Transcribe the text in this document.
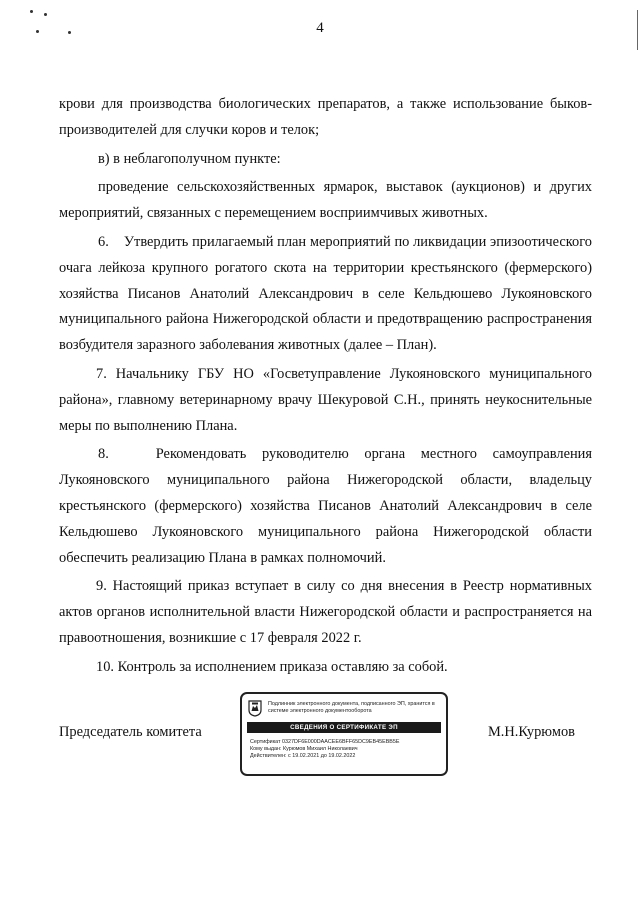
4

крови для производства биологических препаратов, а также использование быков-производителей для случки коров и телок;

в) в неблагополучном пункте:

проведение сельскохозяйственных ярмарок, выставок (аукционов) и других мероприятий, связанных с перемещением восприимчивых животных.

6.    Утвердить прилагаемый план мероприятий по ликвидации эпизоотического очага лейкоза крупного рогатого скота на территории крестьянского (фермерского) хозяйства Писанов Анатолий Александрович в селе Кельдюшево Лукояновского муниципального района Нижегородской области и предотвращению распространения возбудителя заразного заболевания животных (далее – План).

7. Начальнику ГБУ НО «Госветуправление Лукояновского муниципального района», главному ветеринарному врачу Шекуровой С.Н., принять неукоснительные меры по выполнению Плана.

8.   Рекомендовать руководителю органа местного самоуправления Лукояновского муниципального района Нижегородской области, владельцу крестьянского (фермерского) хозяйства Писанов Анатолий Александрович в селе Кельдюшево Лукояновского муниципального района Нижегородской области обеспечить реализацию Плана в рамках полномочий.

9. Настоящий приказ вступает в силу со дня внесения в Реестр нормативных актов органов исполнительной власти Нижегородской области и распространяется на правоотношения, возникшие с 17 февраля 2022 г.

10. Контроль за исполнением приказа оставляю за собой.

Председатель комитета	М.Н.Курюмов
Подлинник электронного документа, подписанного ЭП, хранится в системе электронного документооборота
СВЕДЕНИЯ О СЕРТИФИКАТЕ ЭП
Сертификат 0327DF6E000DAACEE6BFF65DC9EB45EBB5E
Кому выдан: Курюмов Михаил Николаевич
Действителен: с 19.02.2021 до 19.02.2022
